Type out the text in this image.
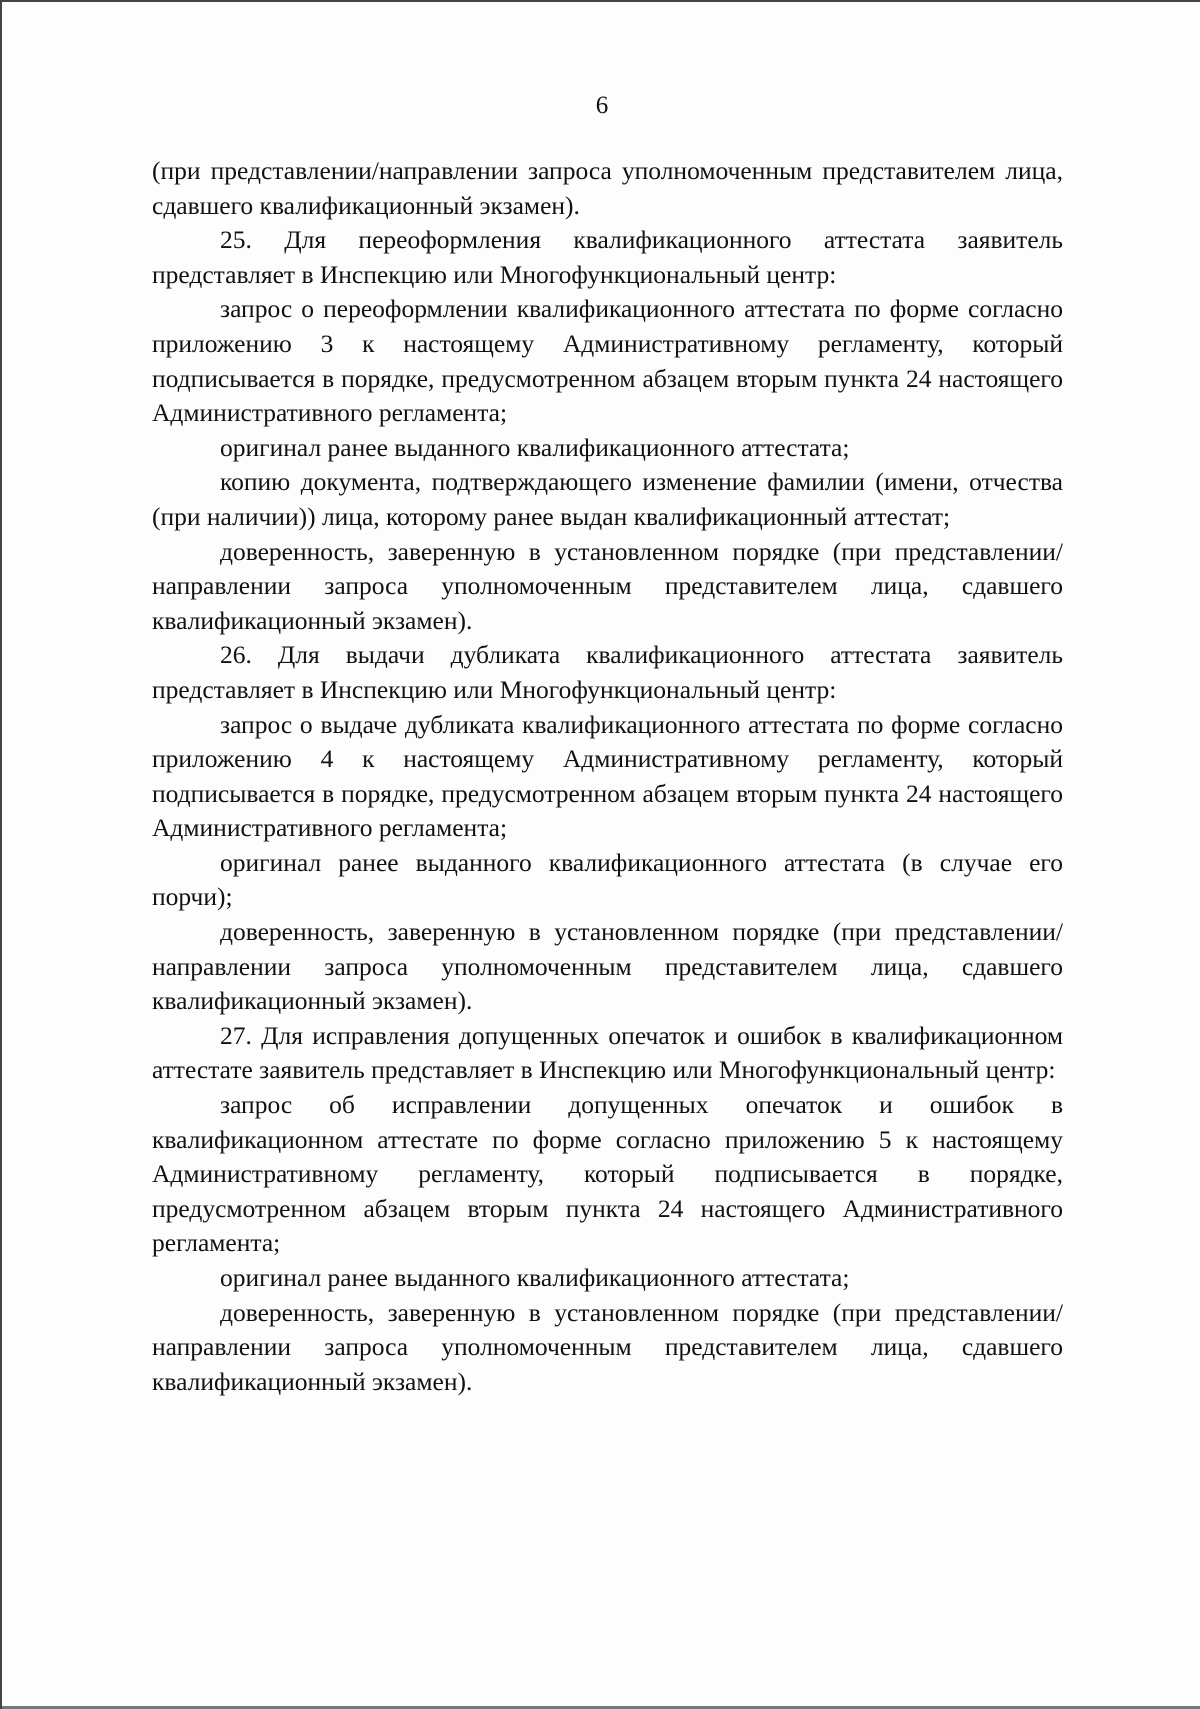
6

(при представлении/направлении запроса уполномоченным представителем лица, сдавшего квалификационный экзамен).

25. Для переоформления квалификационного аттестата заявитель представляет в Инспекцию или Многофункциональный центр:

запрос о переоформлении квалификационного аттестата по форме согласно приложению 3 к настоящему Административному регламенту, который подписывается в порядке, предусмотренном абзацем вторым пункта 24 настоящего Административного регламента;

оригинал ранее выданного квалификационного аттестата;

копию документа, подтверждающего изменение фамилии (имени, отчества (при наличии)) лица, которому ранее выдан квалификационный аттестат;

доверенность, заверенную в установленном порядке (при представлении/направлении запроса уполномоченным представителем лица, сдавшего квалификационный экзамен).

26. Для выдачи дубликата квалификационного аттестата заявитель представляет в Инспекцию или Многофункциональный центр:

запрос о выдаче дубликата квалификационного аттестата по форме согласно приложению 4 к настоящему Административному регламенту, который подписывается в порядке, предусмотренном абзацем вторым пункта 24 настоящего Административного регламента;

оригинал ранее выданного квалификационного аттестата (в случае его порчи);

доверенность, заверенную в установленном порядке (при представлении/направлении запроса уполномоченным представителем лица, сдавшего квалификационный экзамен).

27. Для исправления допущенных опечаток и ошибок в квалификационном аттестате заявитель представляет в Инспекцию или Многофункциональный центр:

запрос об исправлении допущенных опечаток и ошибок в квалификационном аттестате по форме согласно приложению 5 к настоящему Административному регламенту, который подписывается в порядке, предусмотренном абзацем вторым пункта 24 настоящего Административного регламента;

оригинал ранее выданного квалификационного аттестата;

доверенность, заверенную в установленном порядке (при представлении/направлении запроса уполномоченным представителем лица, сдавшего квалификационный экзамен).
